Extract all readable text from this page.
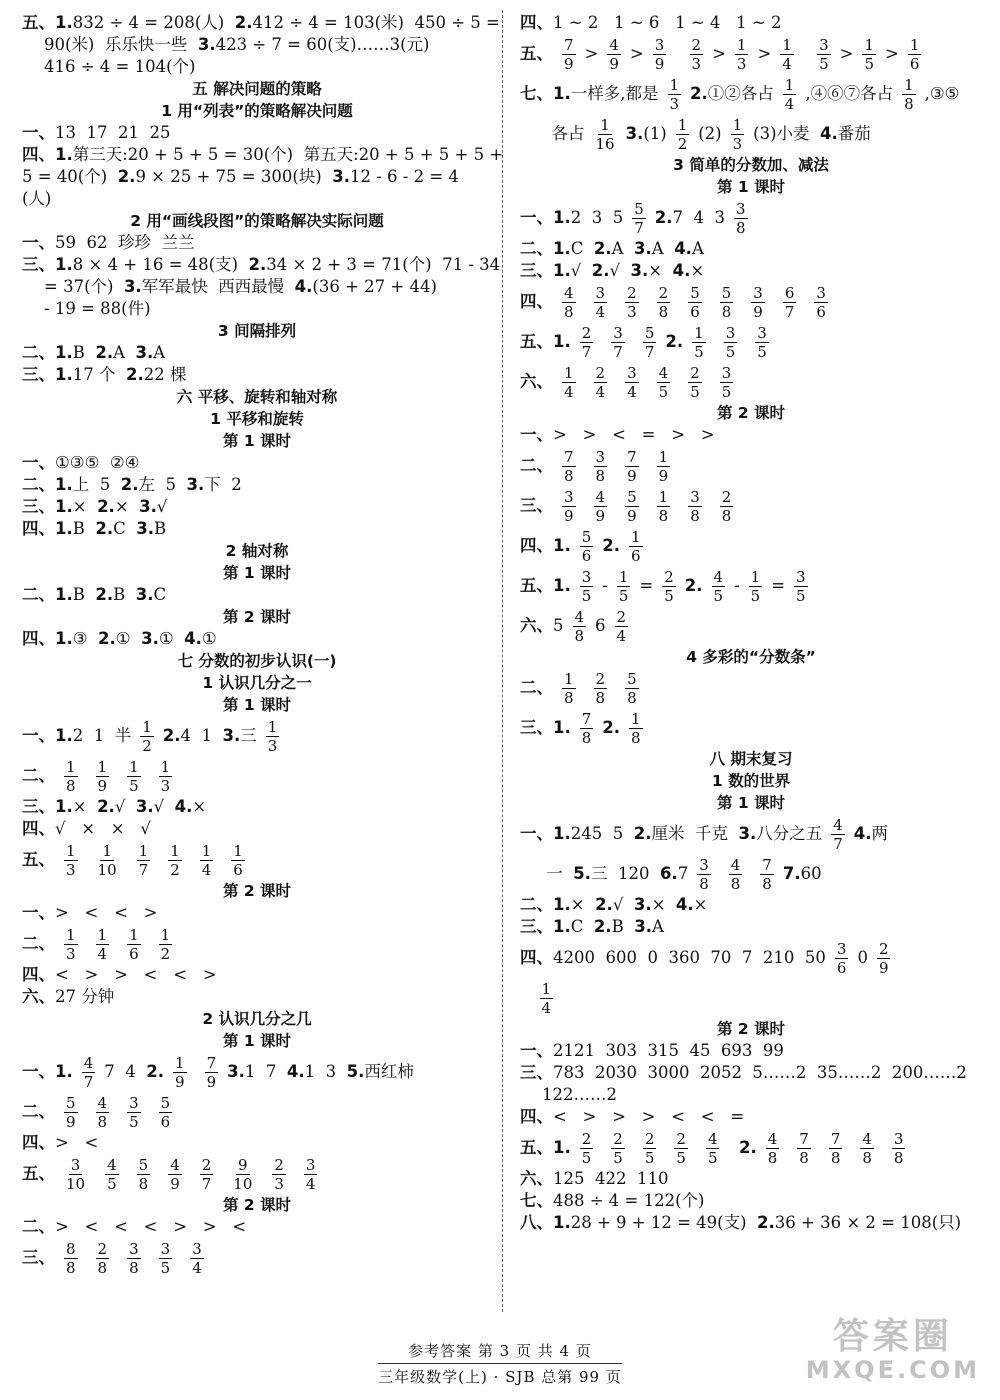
五、1.832 ÷ 4 = 208(人)  2.412 ÷ 4 = 103(米)  450 ÷ 5 =
90(米)  乐乐快一些  3.423 ÷ 7 = 60(支)……3(元)
416 ÷ 4 = 104(个)
五 解决问题的策略
1 用“列表”的策略解决问题
一、13  17  21  25
四、1.第三天:20 + 5 + 5 = 30(个)  第五天:20 + 5 + 5 + 5 +
5 = 40(个)  2.9 × 25 + 75 = 300(块)  3.12 - 6 - 2 = 4
(人)
2 用“画线段图”的策略解决实际问题
一、59  62  珍珍  兰兰
三、1.8 × 4 + 16 = 48(支)  2.34 × 2 + 3 = 71(个)  71 - 34
= 37(个)  3.军军最快  西西最慢  4.(36 + 27 + 44)
- 19 = 88(件)
3 间隔排列
二、1.B  2.A  3.A
三、1.17 个  2.22 棵
六 平移、旋转和轴对称
1 平移和旋转
第 1 课时
一、①③⑤  ②④
二、1.上  5  2.左  5  3.下  2
三、1.×  2.×  3.√
四、1.B  2.C  3.B
2 轴对称
第 1 课时
二、1.B  2.B  3.C
第 2 课时
四、1.③  2.①  3.①  4.①
七 分数的初步认识(一)
1 认识几分之一
第 1 课时
一、1.2  1  半 $\frac{1}{2} 2.4$  1  3.三 $\frac{1}{3}$
二、 $\frac{1}{8} \frac{1}{9} \frac{1}{5} \frac{1}{3}$
三、1.×  2.√  3.√  4.×
四、√   ×   ×   √
五、 $\frac{1}{3} \frac{1}{10} \frac{1}{7} \frac{1}{2} \frac{1}{4} \frac{1}{6}$
第 2 课时
一、>   <   <   >
二、 $\frac{1}{3} \frac{1}{4} \frac{1}{6} \frac{1}{2}$
四、<   >   >   <   <   >
六、27 分钟
2 认识几分之几
第 1 课时
一、1. $\frac{4}{7} 7$  4  2. $\frac{1}{9} \frac{7}{9} 3.1$  7  4.1  3  5.西红柿
二、 $\frac{5}{9} \frac{4}{8} \frac{3}{5} \frac{5}{6}$
四、>   <
五、 $\frac{3}{10} \frac{4}{5} \frac{5}{8} \frac{4}{9} \frac{2}{7} \frac{9}{10} \frac{2}{3} \frac{3}{4}$
第 2 课时
二、>   <   <   <   >   >   <
三、 $\frac{8}{8} \frac{2}{8} \frac{3}{8} \frac{3}{5} \frac{3}{4}$
四、1 ~ 2   1 ~ 6   1 ~ 4   1 ~ 2
五、 $\frac{7}{9} > \frac{4}{9} > \frac{3}{9}$
$\frac{2}{3} > \frac{1}{3} > \frac{1}{4}$
$\frac{3}{5} > \frac{1}{5} > \frac{1}{6}$
七、1.一样多,都是 $\frac{1}{3}$ 2.①②各占 $\frac{1}{4}$ ,④⑥⑦各占 $\frac{1}{8}$ ,③⑤
各占 $\frac{1}{16} 3.(1) \frac{1}{2} (2) \frac{1}{3} (3)$小麦  4.番茄
3 简单的分数加、减法
第 1 课时
一、1.2  3  $5 \frac{5}{7} 2.7$  4  $3 \frac{3}{8}$
二、1.C  2.A  3.A  4.A
三、1.√  2.√  3.×  4.×
四、 $\frac{4}{8} \frac{3}{4} \frac{2}{3} \frac{2}{8} \frac{5}{6} \frac{5}{8} \frac{3}{9} \frac{6}{7} \frac{3}{6}$
五、1. $\frac{2}{7} \frac{3}{7} \frac{5}{7} 2$. $\frac{1}{5} \frac{3}{5} \frac{3}{5}$
六、 $\frac{1}{4} \frac{2}{4} \frac{3}{4} \frac{4}{5} \frac{2}{5} \frac{3}{5}$
第 2 课时
一、>   >   <   =   >   >
二、 $\frac{7}{8} \frac{3}{8} \frac{7}{9} \frac{1}{9}$
三、 $\frac{3}{9} \frac{4}{9} \frac{5}{9} \frac{1}{8} \frac{3}{8} \frac{2}{8}$
四、1. $\frac{5}{6} 2$. $\frac{1}{6}$
五、1. $\frac{3}{5} - \frac{1}{5} = \frac{2}{5} 2$. $\frac{4}{5} - \frac{1}{5} = \frac{3}{5}$
六、$5 \frac{4}{8} 6 \frac{2}{4}$
4 多彩的“分数条”
二、 $\frac{1}{8} \frac{2}{8} \frac{5}{8}$
三、1. $\frac{7}{8} 2$. $\frac{1}{8}$
八 期末复习
1 数的世界
第 1 课时
一、1.245  5  2.厘米  千克  3.八分之五 $\frac{4}{7} 4$.两
一  5.三  120  $6.7 \frac{3}{8} \frac{4}{8} \frac{7}{8} 7.60$
二、1.×  2.√  3.×  4.×
三、1.C  2.B  3.A
四、4200  600  0  360  70  7  210  $50 \frac{3}{6} 0 \frac{2}{9}$

$\frac{1}{4}$
第 2 课时
一、2121  303  315  45  693  99
三、783  2030  3000  2052  5……2  35……2  200……2
122……2
四、<   >   >   >   <   <   =
五、1. $\frac{2}{5} \frac{2}{5} \frac{2}{5} \frac{2}{5} \frac{4}{5} 2$. $\frac{4}{8} \frac{7}{8} \frac{7}{8} \frac{4}{8} \frac{3}{8}$
六、125  422  110
七、488 ÷ 4 = 122(个)
八、1.28 + 9 + 12 = 49(支)  2.36 + 36 × 2 = 108(只)
参考答案 第 3 页 共 4 页
三年级数学(上) · SJB 总第 99 页
答案圈
MXQE.COM
